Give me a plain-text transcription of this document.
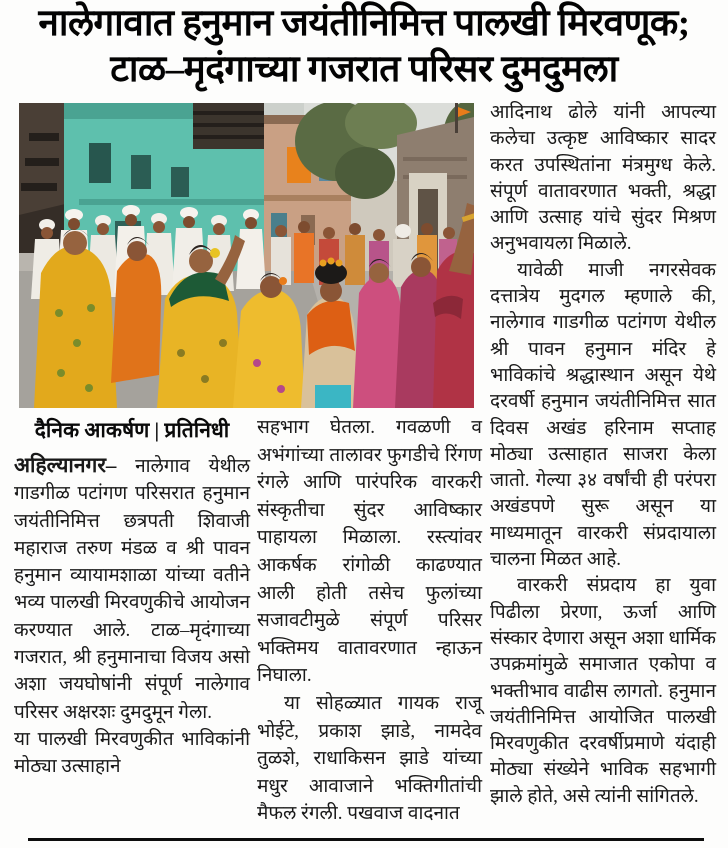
नालेगावात हनुमान जयंतीनिमित्त पालखी मिरवणूक;
टाळ–मृदंगाच्या गजरात परिसर दुमदुमला
दैनिक आकर्षण | प्रतिनिधी

अहिल्यानगर– नालेगाव येथील गाडगीळ पटांगण परिसरात हनुमान जयंतीनिमित्त छत्रपती शिवाजी महाराज तरुण मंडळ व श्री पावन हनुमान व्यायामशाळा यांच्या वतीने भव्य पालखी मिरवणुकीचे आयोजन करण्यात आले. टाळ–मृदंगाच्या गजरात, श्री हनुमानाचा विजय असो अशा जयघोषांनी संपूर्ण नालेगाव परिसर अक्षरशः दुमदुमून गेला.

या पालखी मिरवणुकीत भाविकांनी मोठ्या उत्साहाने

सहभाग घेतला. गवळणी व अभंगांच्या तालावर फुगडीचे रिंगण रंगले आणि पारंपरिक वारकरी संस्कृतीचा सुंदर आविष्कार पाहायला मिळाला. रस्त्यांवर आकर्षक रांगोळी काढण्यात आली होती तसेच फुलांच्या सजावटीमुळे संपूर्ण परिसर भक्तिमय वातावरणात न्हाऊन निघाला.

या सोहळ्यात गायक राजू भोईटे, प्रकाश झाडे, नामदेव तुळशे, राधाकिसन झाडे यांच्या मधुर आवाजाने भक्तिगीतांची मैफल रंगली. पखवाज वादनात

आदिनाथ ढोले यांनी आपल्या कलेचा उत्कृष्ट आविष्कार सादर करत उपस्थितांना मंत्रमुग्ध केले. संपूर्ण वातावरणात भक्ती, श्रद्धा आणि उत्साह यांचे सुंदर मिश्रण अनुभवायला मिळाले.

यावेळी माजी नगरसेवक दत्तात्रेय मुदगल म्हणाले की, नालेगाव गाडगीळ पटांगण येथील श्री पावन हनुमान मंदिर हे भाविकांचे श्रद्धास्थान असून येथे दरवर्षी हनुमान जयंतीनिमित्त सात दिवस अखंड हरिनाम सप्ताह मोठ्या उत्साहात साजरा केला जातो. गेल्या ३४ वर्षांची ही परंपरा अखंडपणे सुरू असून या माध्यमातून वारकरी संप्रदायाला चालना मिळत आहे.

वारकरी संप्रदाय हा युवा पिढीला प्रेरणा, ऊर्जा आणि संस्कार देणारा असून अशा धार्मिक उपक्रमांमुळे समाजात एकोपा व भक्तीभाव वाढीस लागतो. हनुमान जयंतीनिमित्त आयोजित पालखी मिरवणुकीत दरवर्षीप्रमाणे यंदाही मोठ्या संख्येने भाविक सहभागी झाले होते, असे त्यांनी सांगितले.
